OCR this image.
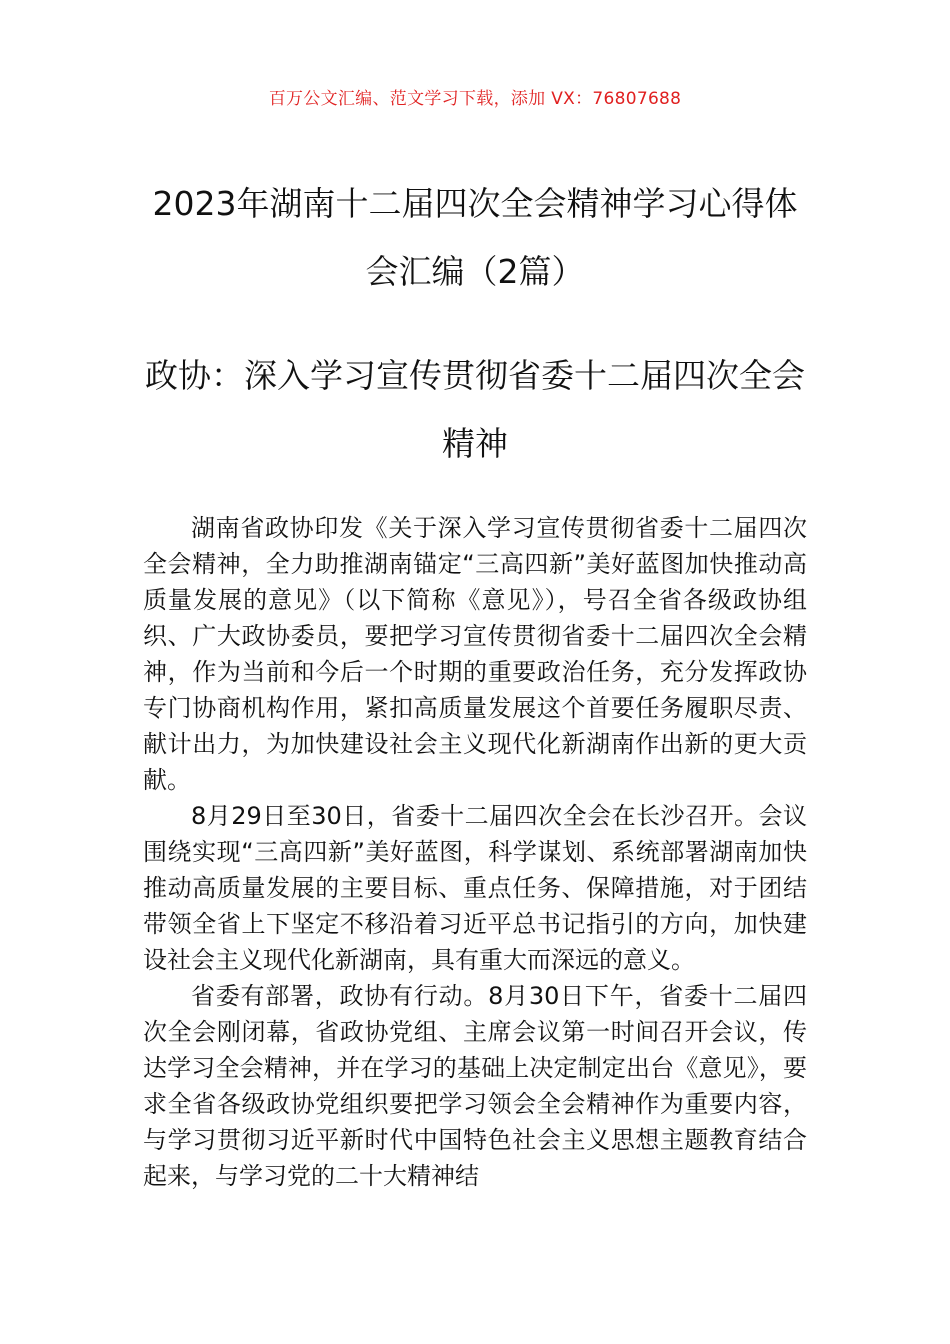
百万公文汇编、范文学习下载，添加 VX：76807688
2023年湖南十二届四次全会精神学习心得体会汇编（2篇）
政协：深入学习宣传贯彻省委十二届四次全会精神

湖南省政协印发《关于深入学习宣传贯彻省委十二届四次全会精神，全力助推湖南锚定“三高四新”美好蓝图加快推动高质量发展的意见》（以下简称《意见》），号召全省各级政协组织、广大政协委员，要把学习宣传贯彻省委十二届四次全会精神，作为当前和今后一个时期的重要政治任务，充分发挥政协专门协商机构作用，紧扣高质量发展这个首要任务履职尽责、献计出力，为加快建设社会主义现代化新湖南作出新的更大贡献。

8月29日至30日，省委十二届四次全会在长沙召开。会议围绕实现“三高四新”美好蓝图，科学谋划、系统部署湖南加快推动高质量发展的主要目标、重点任务、保障措施，对于团结带领全省上下坚定不移沿着习近平总书记指引的方向，加快建设社会主义现代化新湖南，具有重大而深远的意义。

省委有部署，政协有行动。8月30日下午，省委十二届四次全会刚闭幕，省政协党组、主席会议第一时间召开会议，传达学习全会精神，并在学习的基础上决定制定出台《意见》，要求全省各级政协党组织要把学习领会全会精神作为重要内容，与学习贯彻习近平新时代中国特色社会主义思想主题教育结合起来，与学习党的二十大精神结
